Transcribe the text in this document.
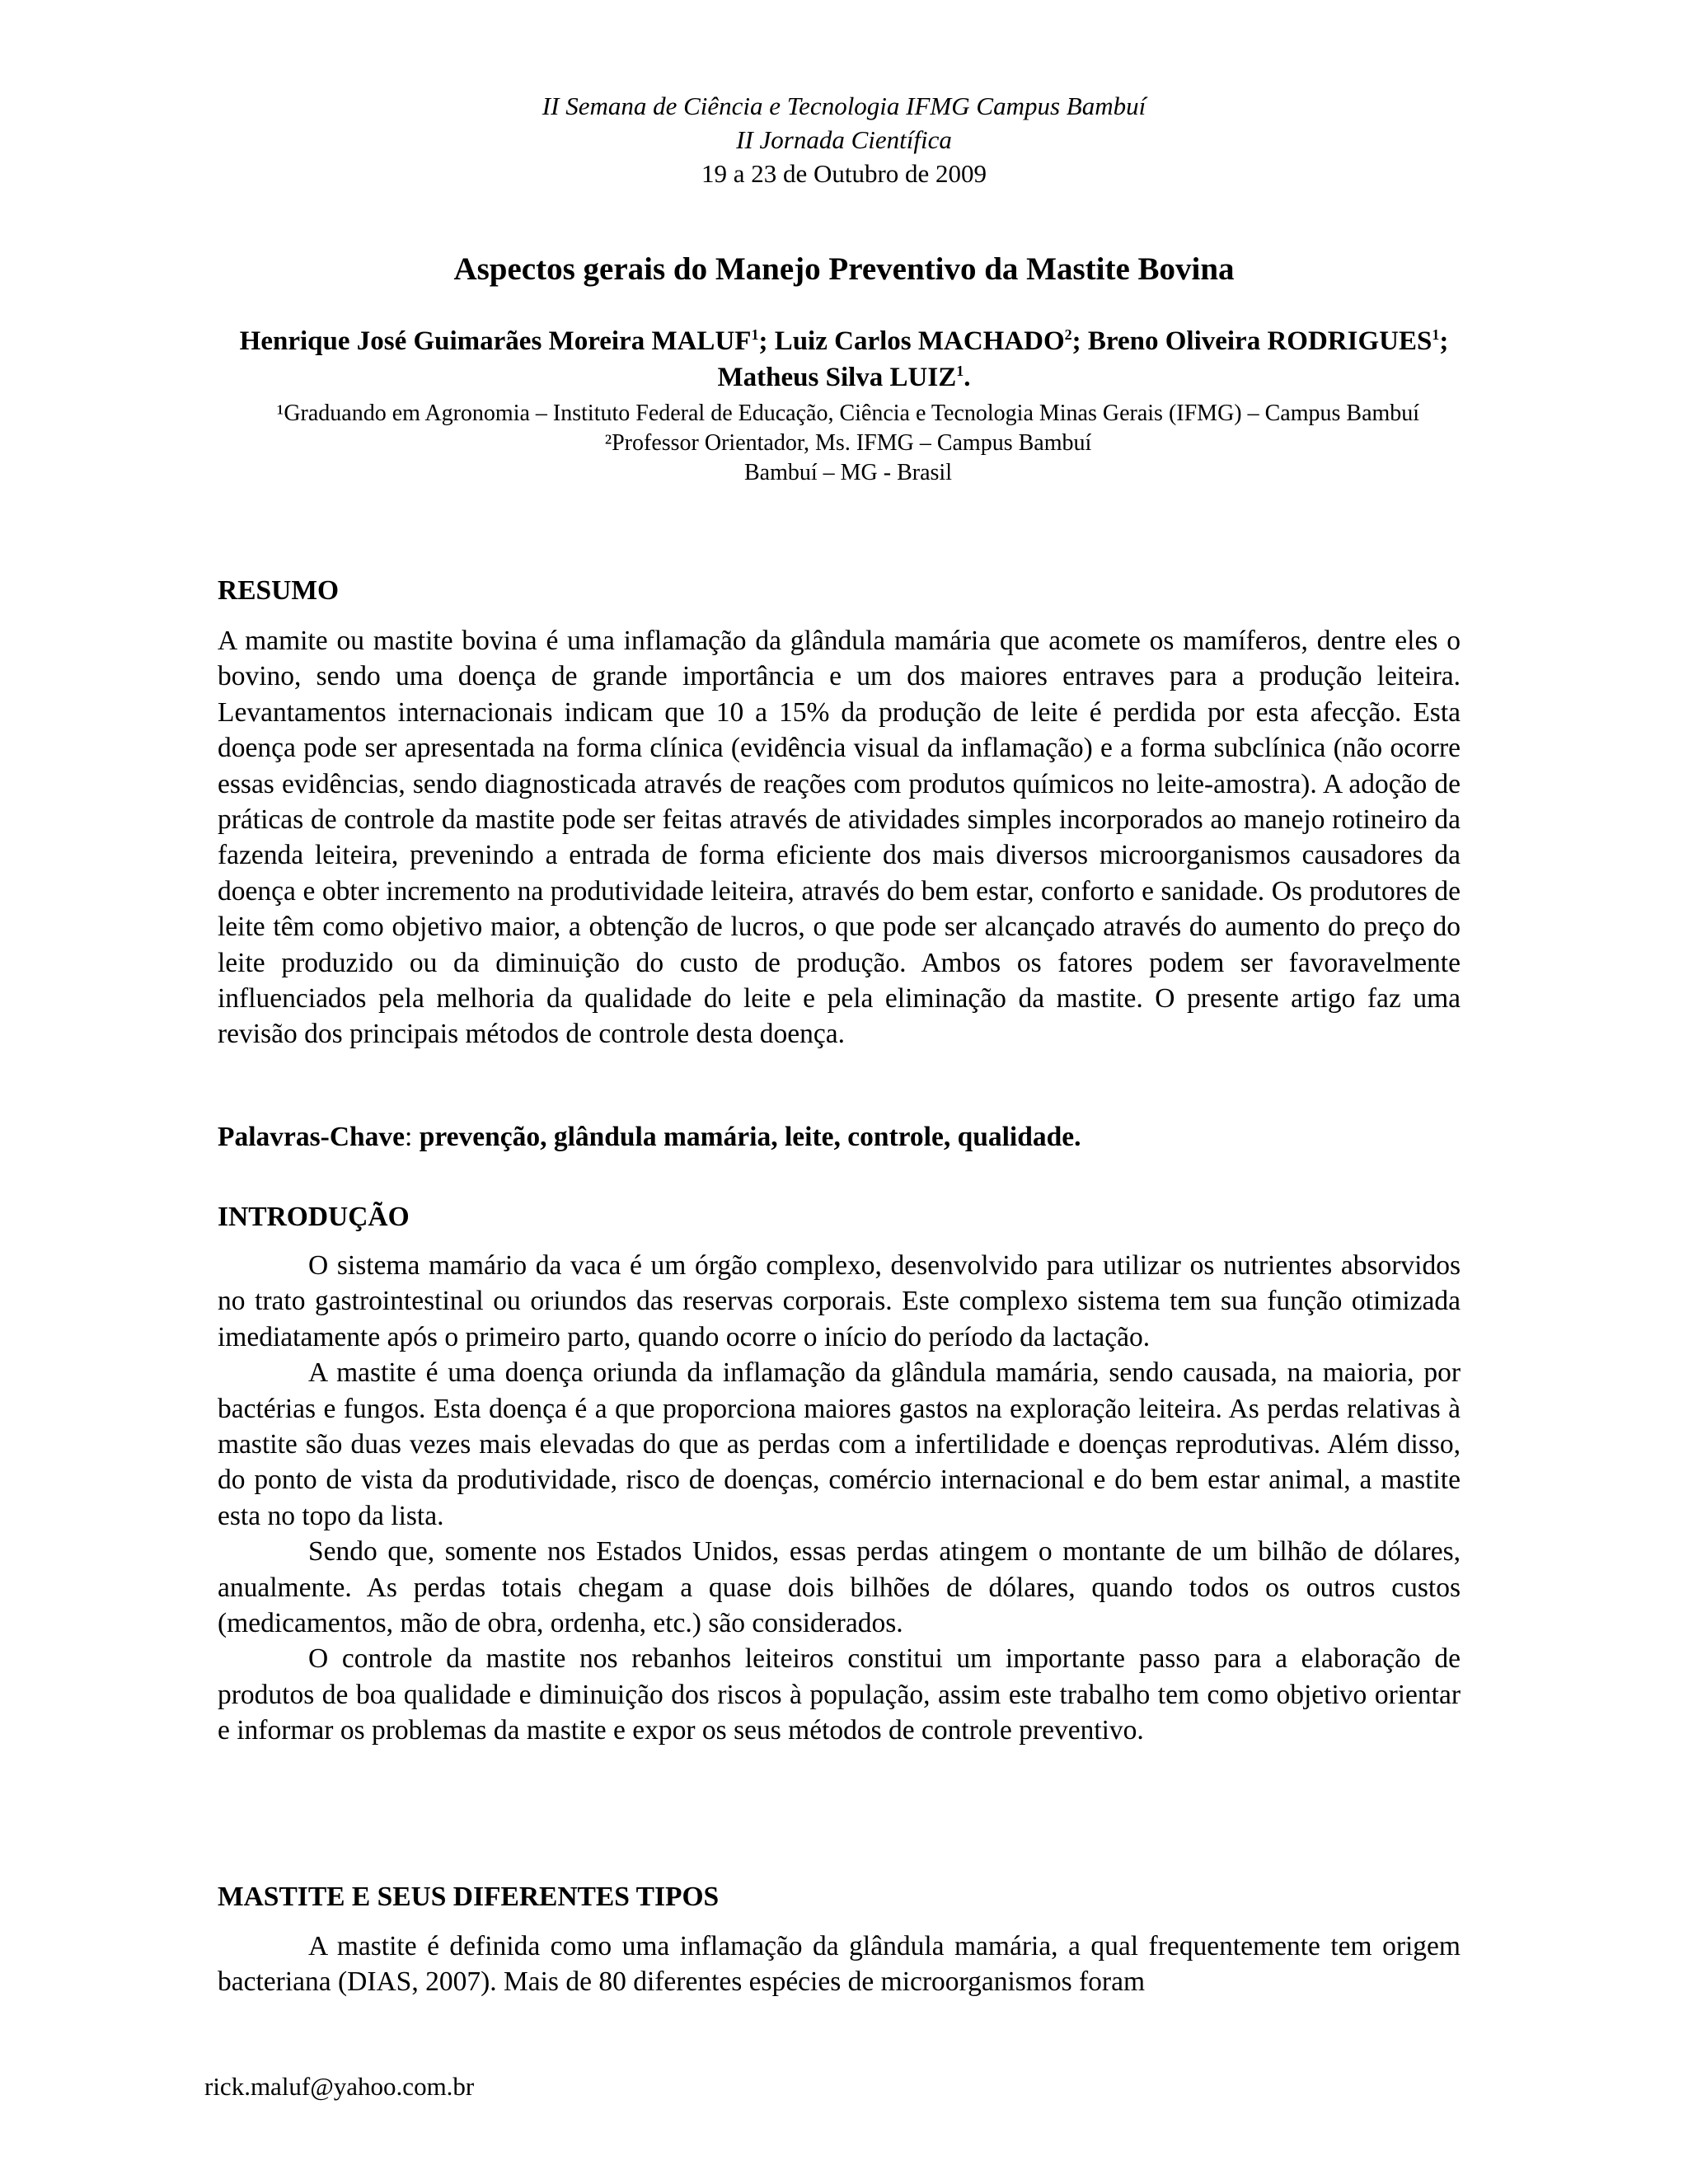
II Semana de Ciência e Tecnologia IFMG Campus Bambuí
II Jornada Científica
19 a 23 de Outubro de 2009
Aspectos gerais do Manejo Preventivo da Mastite Bovina
Henrique José Guimarães Moreira MALUF$^1$; Luiz Carlos MACHADO$^2$; Breno Oliveira RODRIGUES$^1$; Matheus Silva LUIZ$^1$.
¹Graduando em Agronomia – Instituto Federal de Educação, Ciência e Tecnologia Minas Gerais (IFMG) – Campus Bambuí
²Professor Orientador, Ms. IFMG – Campus Bambuí
Bambuí – MG - Brasil
RESUMO

A mamite ou mastite bovina é uma inflamação da glândula mamária que acomete os mamíferos, dentre eles o bovino, sendo uma doença de grande importância e um dos maiores entraves para a produção leiteira. Levantamentos internacionais indicam que 10 a 15% da produção de leite é perdida por esta afecção. Esta doença pode ser apresentada na forma clínica (evidência visual da inflamação) e a forma subclínica (não ocorre essas evidências, sendo diagnosticada através de reações com produtos químicos no leite-amostra). A adoção de práticas de controle da mastite pode ser feitas através de atividades simples incorporados ao manejo rotineiro da fazenda leiteira, prevenindo a entrada de forma eficiente dos mais diversos microorganismos causadores da doença e obter incremento na produtividade leiteira, através do bem estar, conforto e sanidade. Os produtores de leite têm como objetivo maior, a obtenção de lucros, o que pode ser alcançado através do aumento do preço do leite produzido ou da diminuição do custo de produção. Ambos os fatores podem ser favoravelmente influenciados pela melhoria da qualidade do leite e pela eliminação da mastite. O presente artigo faz uma revisão dos principais métodos de controle desta doença.

Palavras-Chave: prevenção, glândula mamária, leite, controle, qualidade.

INTRODUÇÃO

O sistema mamário da vaca é um órgão complexo, desenvolvido para utilizar os nutrientes absorvidos no trato gastrointestinal ou oriundos das reservas corporais. Este complexo sistema tem sua função otimizada imediatamente após o primeiro parto, quando ocorre o início do período da lactação.

A mastite é uma doença oriunda da inflamação da glândula mamária, sendo causada, na maioria, por bactérias e fungos. Esta doença é a que proporciona maiores gastos na exploração leiteira. As perdas relativas à mastite são duas vezes mais elevadas do que as perdas com a infertilidade e doenças reprodutivas. Além disso, do ponto de vista da produtividade, risco de doenças, comércio internacional e do bem estar animal, a mastite esta no topo da lista.

Sendo que, somente nos Estados Unidos, essas perdas atingem o montante de um bilhão de dólares, anualmente. As perdas totais chegam a quase dois bilhões de dólares, quando todos os outros custos (medicamentos, mão de obra, ordenha, etc.) são considerados.

O controle da mastite nos rebanhos leiteiros constitui um importante passo para a elaboração de produtos de boa qualidade e diminuição dos riscos à população, assim este trabalho tem como objetivo orientar e informar os problemas da mastite e expor os seus métodos de controle preventivo.

MASTITE E SEUS DIFERENTES TIPOS

A mastite é definida como uma inflamação da glândula mamária, a qual frequentemente tem origem bacteriana (DIAS, 2007). Mais de 80 diferentes espécies de microorganismos foram

rick.maluf@yahoo.com.br
